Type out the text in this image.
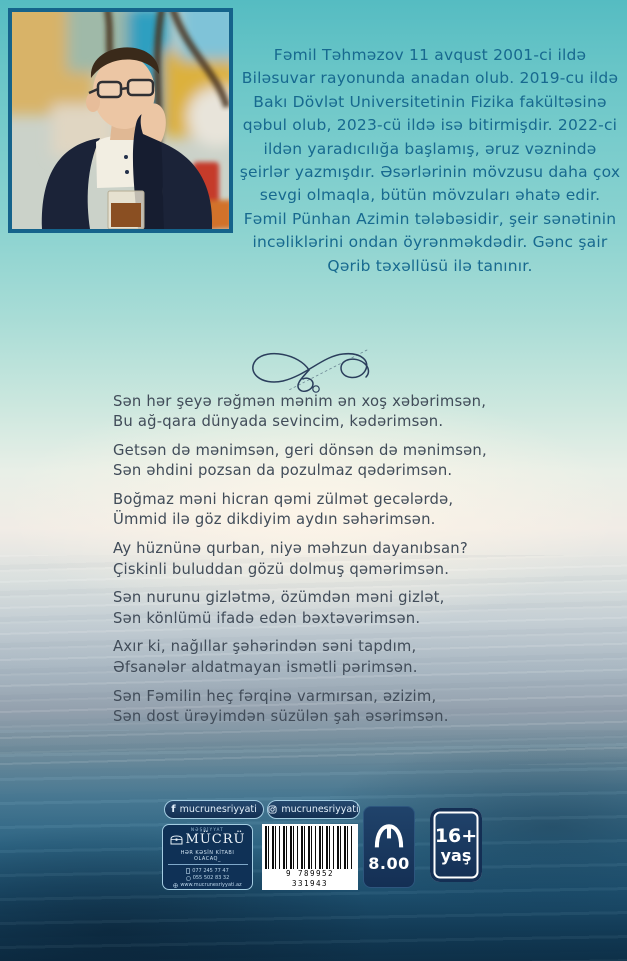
Fəmil Təhməzov 11 avqust 2001-ci ildə Biləsuvar rayonunda anadan olub. 2019-cu ildə Bakı Dövlət Universitetinin Fizika fakültəsinə qəbul olub, 2023-cü ildə isə bitirmişdir. 2022-ci ildən yaradıcılığa başlamış, əruz vəznində şeirlər yazmışdır. Əsərlərinin mövzusu daha çox sevgi olmaqla, bütün mövzuları əhatə edir. Fəmil Pünhan Azimin tələbəsidir, şeir sənətinin incəliklərini ondan öyrənməkdədir. Gənc şair Qərib təxəllüsü ilə tanınır.
Sən hər şeyə rəğmən mənim ən xoş xəbərimsən,
Bu ağ-qara dünyada sevincim, kədərimsən.
Getsən də mənimsən, geri dönsən də mənimsən,
Sən əhdini pozsan da pozulmaz qədərimsən.
Boğmaz məni hicran qəmi zülmət gecələrdə,
Ümmid ilə göz dikdiyim aydın səhərimsən.
Ay hüznünə qurban, niyə məhzun dayanıbsan?
Çiskinli buluddan gözü dolmuş qəmərimsən.
Sən nurunu gizlətmə, özümdən məni gizlət,
Sən könlümü ifadə edən bəxtəvərimsən.
Axır ki, nağıllar şəhərindən səni tapdım,
Əfsanələr aldatmayan ismətli pərimsən.
Sən Fəmilin heç fərqinə varmırsan, əzizim,
Sən dost ürəyimdən süzülən şah əsərimsən.
f mucrunesriyyati	mucrunesriyyati
NƏŞRİYYAT
MÜCRÜ
HƏR KƏSİN KİTABI OLACAQ_
077 245 77 47
055 502 83 32
www.mucrunesriyyati.az
9 789952 331943
8.00
16+
yaş
